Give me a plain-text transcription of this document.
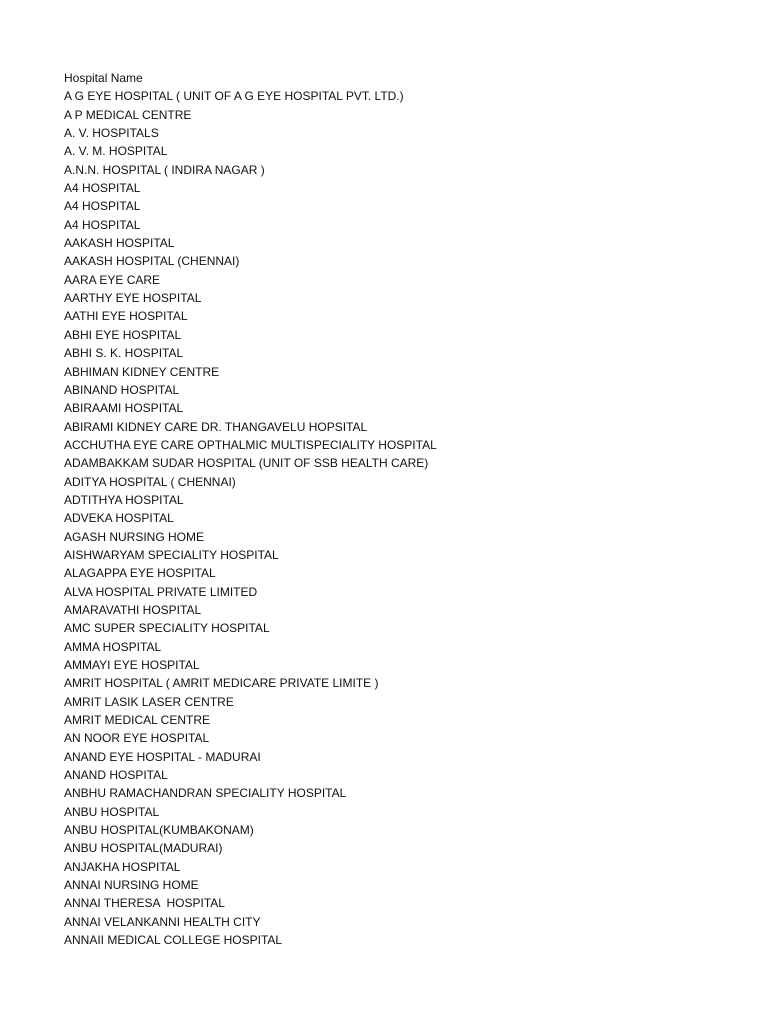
Hospital Name
A G EYE HOSPITAL ( UNIT OF A G EYE HOSPITAL PVT. LTD.)
A P MEDICAL CENTRE
A. V. HOSPITALS
A. V. M. HOSPITAL
A.N.N. HOSPITAL ( INDIRA NAGAR )
A4 HOSPITAL
A4 HOSPITAL
A4 HOSPITAL
AAKASH HOSPITAL
AAKASH HOSPITAL (CHENNAI)
AARA EYE CARE
AARTHY EYE HOSPITAL
AATHI EYE HOSPITAL
ABHI EYE HOSPITAL
ABHI S. K. HOSPITAL
ABHIMAN KIDNEY CENTRE
ABINAND HOSPITAL
ABIRAAMI HOSPITAL
ABIRAMI KIDNEY CARE DR. THANGAVELU HOPSITAL
ACCHUTHA EYE CARE OPTHALMIC MULTISPECIALITY HOSPITAL
ADAMBAKKAM SUDAR HOSPITAL (UNIT OF SSB HEALTH CARE)
ADITYA HOSPITAL ( CHENNAI)
ADTITHYA HOSPITAL
ADVEKA HOSPITAL
AGASH NURSING HOME
AISHWARYAM SPECIALITY HOSPITAL
ALAGAPPA EYE HOSPITAL
ALVA HOSPITAL PRIVATE LIMITED
AMARAVATHI HOSPITAL
AMC SUPER SPECIALITY HOSPITAL
AMMA HOSPITAL
AMMAYI EYE HOSPITAL
AMRIT HOSPITAL ( AMRIT MEDICARE PRIVATE LIMITE )
AMRIT LASIK LASER CENTRE
AMRIT MEDICAL CENTRE
AN NOOR EYE HOSPITAL
ANAND EYE HOSPITAL - MADURAI
ANAND HOSPITAL
ANBHU RAMACHANDRAN SPECIALITY HOSPITAL
ANBU HOSPITAL
ANBU HOSPITAL(KUMBAKONAM)
ANBU HOSPITAL(MADURAI)
ANJAKHA HOSPITAL
ANNAI NURSING HOME
ANNAI THERESA  HOSPITAL
ANNAI VELANKANNI HEALTH CITY
ANNAII MEDICAL COLLEGE HOSPITAL
